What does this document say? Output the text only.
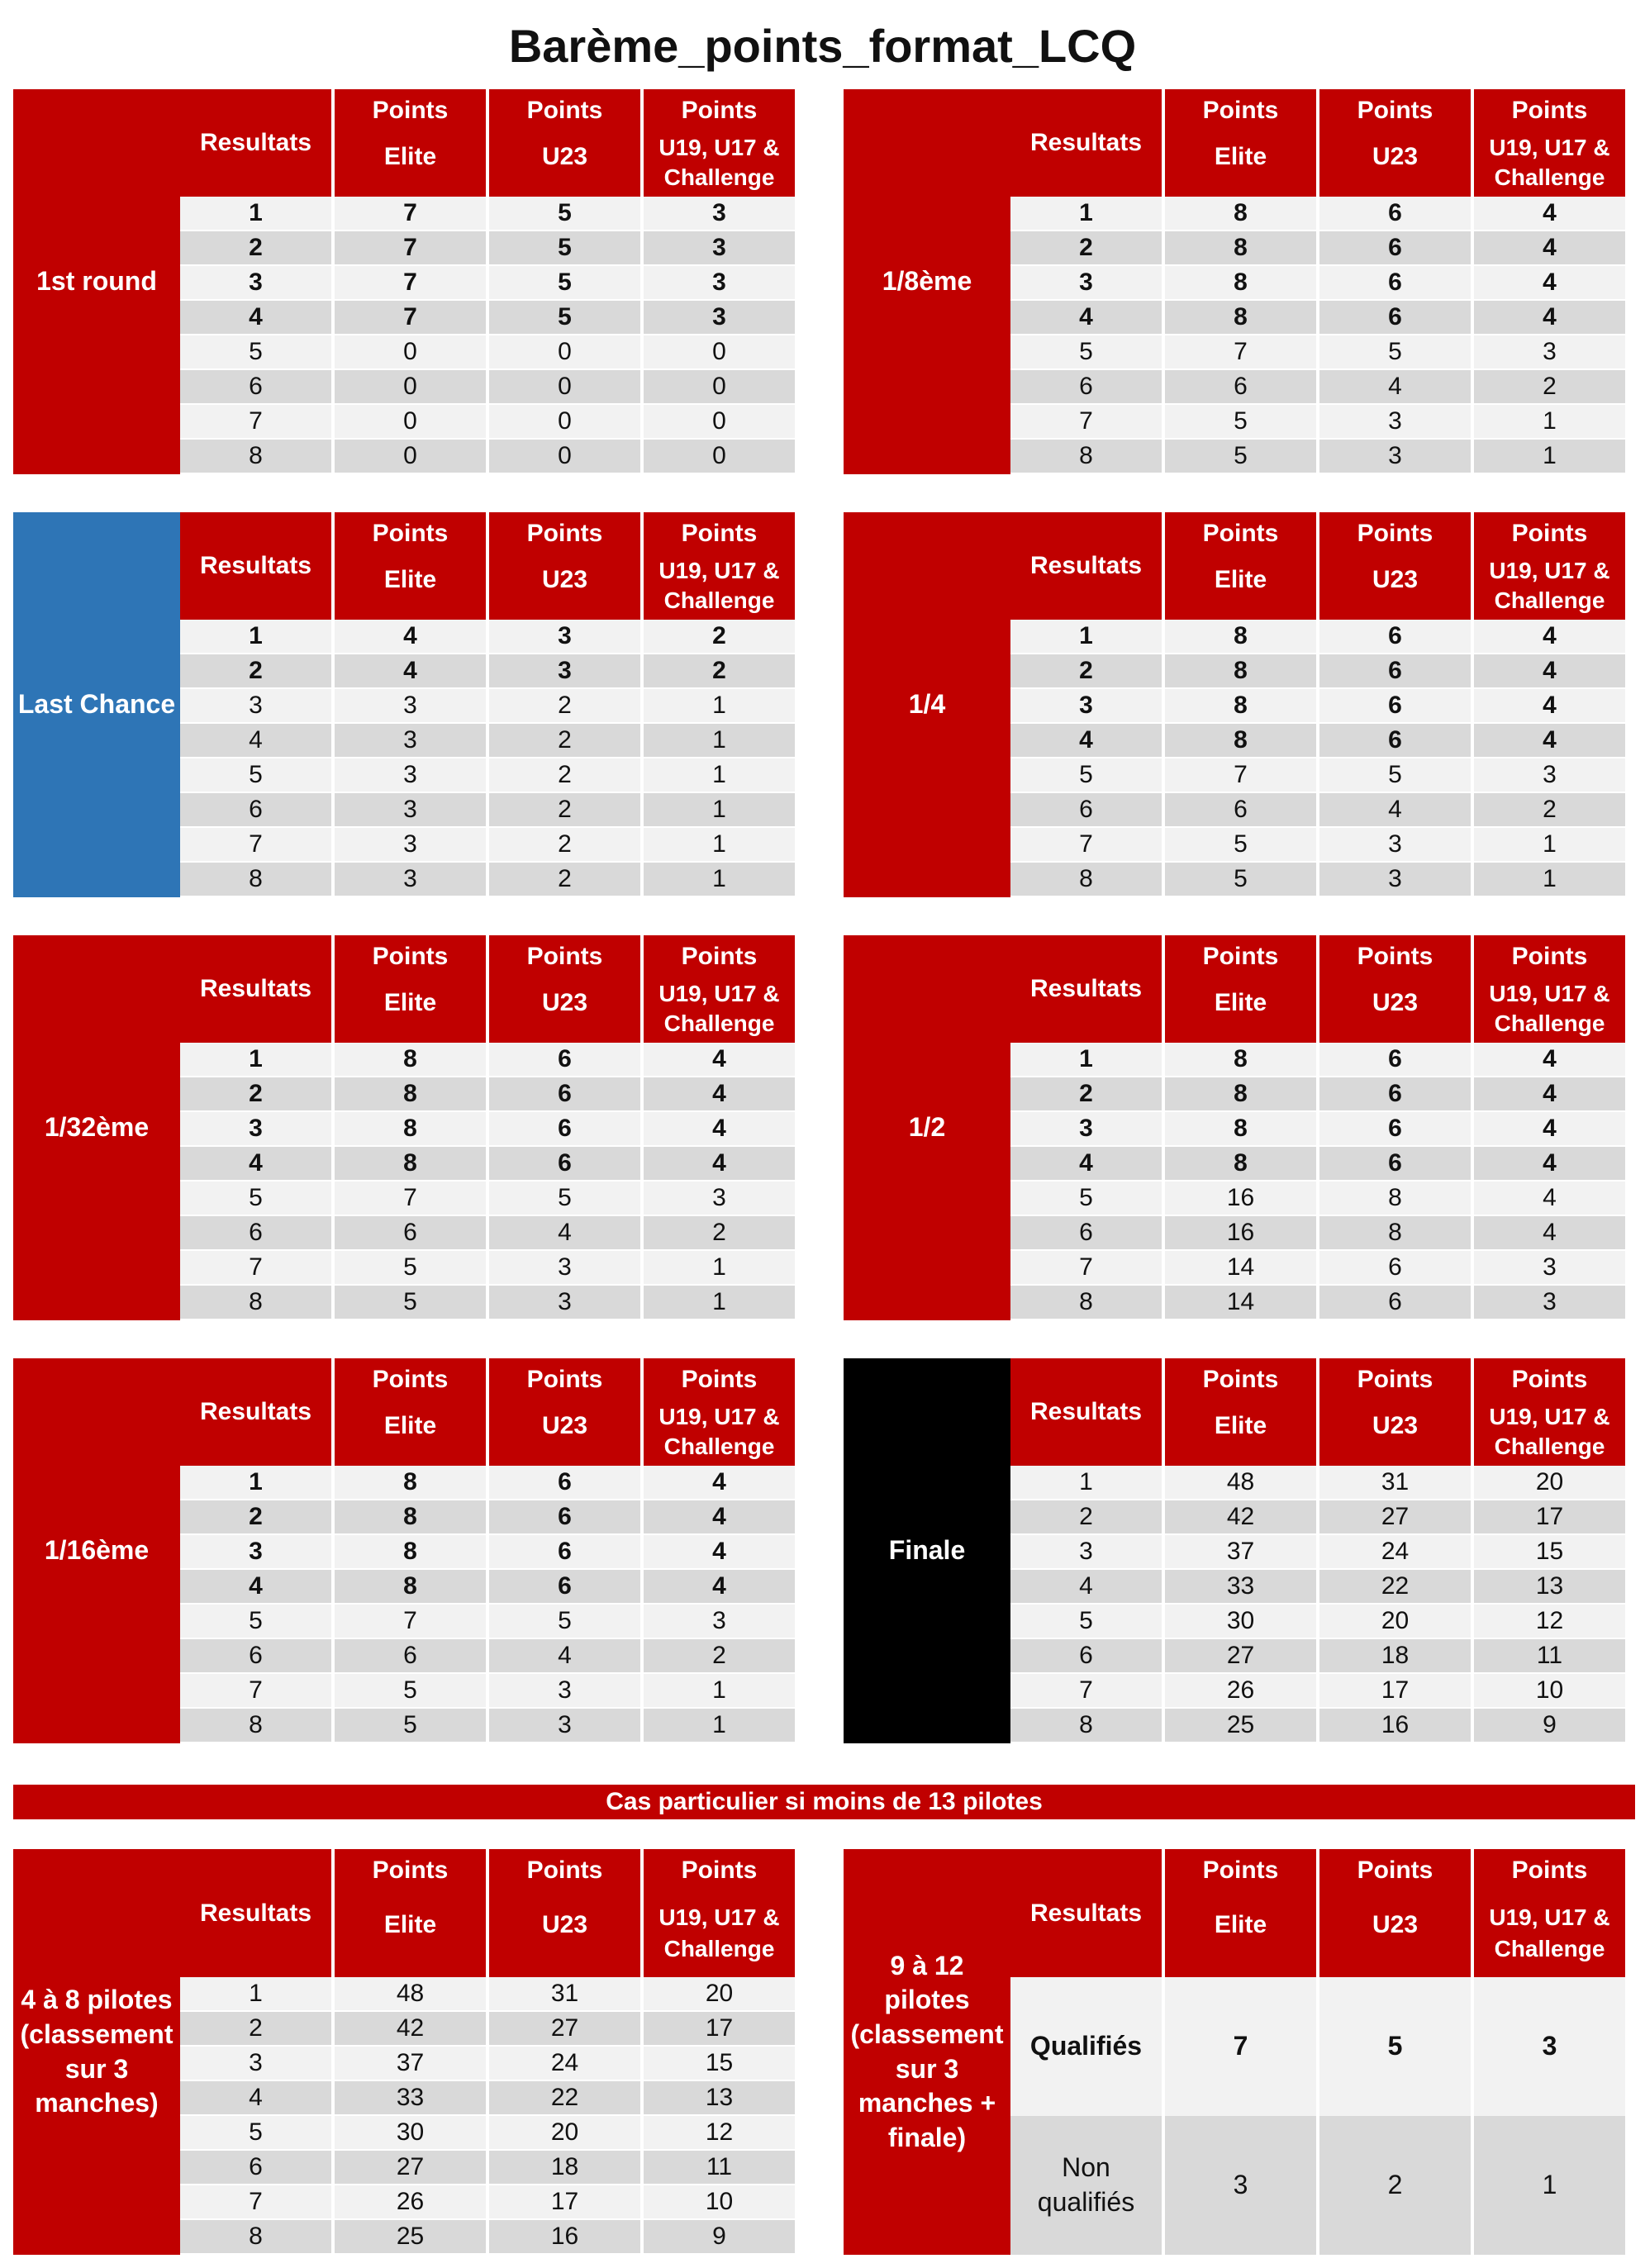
Barème_points_format_LCQ
1st round
Resultats
Points
Elite
Points
U23
Points
U19, U17 &
Challenge
1	7	5	3
2	7	5	3
3	7	5	3
4	7	5	3
5	0	0	0
6	0	0	0
7	0	0	0
8	0	0	0
1/8ème
Resultats
Points
Elite
Points
U23
Points
U19, U17 &
Challenge
1	8	6	4
2	8	6	4
3	8	6	4
4	8	6	4
5	7	5	3
6	6	4	2
7	5	3	1
8	5	3	1
Last Chance
Resultats
Points
Elite
Points
U23
Points
U19, U17 &
Challenge
1	4	3	2
2	4	3	2
3	3	2	1
4	3	2	1
5	3	2	1
6	3	2	1
7	3	2	1
8	3	2	1
1/4
Resultats
Points
Elite
Points
U23
Points
U19, U17 &
Challenge
1	8	6	4
2	8	6	4
3	8	6	4
4	8	6	4
5	7	5	3
6	6	4	2
7	5	3	1
8	5	3	1
1/32ème
Resultats
Points
Elite
Points
U23
Points
U19, U17 &
Challenge
1	8	6	4
2	8	6	4
3	8	6	4
4	8	6	4
5	7	5	3
6	6	4	2
7	5	3	1
8	5	3	1
1/2
Resultats
Points
Elite
Points
U23
Points
U19, U17 &
Challenge
1	8	6	4
2	8	6	4
3	8	6	4
4	8	6	4
5	16	8	4
6	16	8	4
7	14	6	3
8	14	6	3
1/16ème
Resultats
Points
Elite
Points
U23
Points
U19, U17 &
Challenge
1	8	6	4
2	8	6	4
3	8	6	4
4	8	6	4
5	7	5	3
6	6	4	2
7	5	3	1
8	5	3	1
Finale
Resultats
Points
Elite
Points
U23
Points
U19, U17 &
Challenge
1	48	31	20
2	42	27	17
3	37	24	15
4	33	22	13
5	30	20	12
6	27	18	11
7	26	17	10
8	25	16	9
Cas particulier si moins de 13 pilotes
4 à 8 pilotes
(classement
sur 3
manches)
Resultats
Points
Elite
Points
U23
Points
U19, U17 &
Challenge
1	48	31	20
2	42	27	17
3	37	24	15
4	33	22	13
5	30	20	12
6	27	18	11
7	26	17	10
8	25	16	9
9 à 12
pilotes
(classement
sur 3
manches +
finale)
Resultats
Points
Elite
Points
U23
Points
U19, U17 &
Challenge
Qualifiés	7	5	3
Non
qualifiés
3	2	1
